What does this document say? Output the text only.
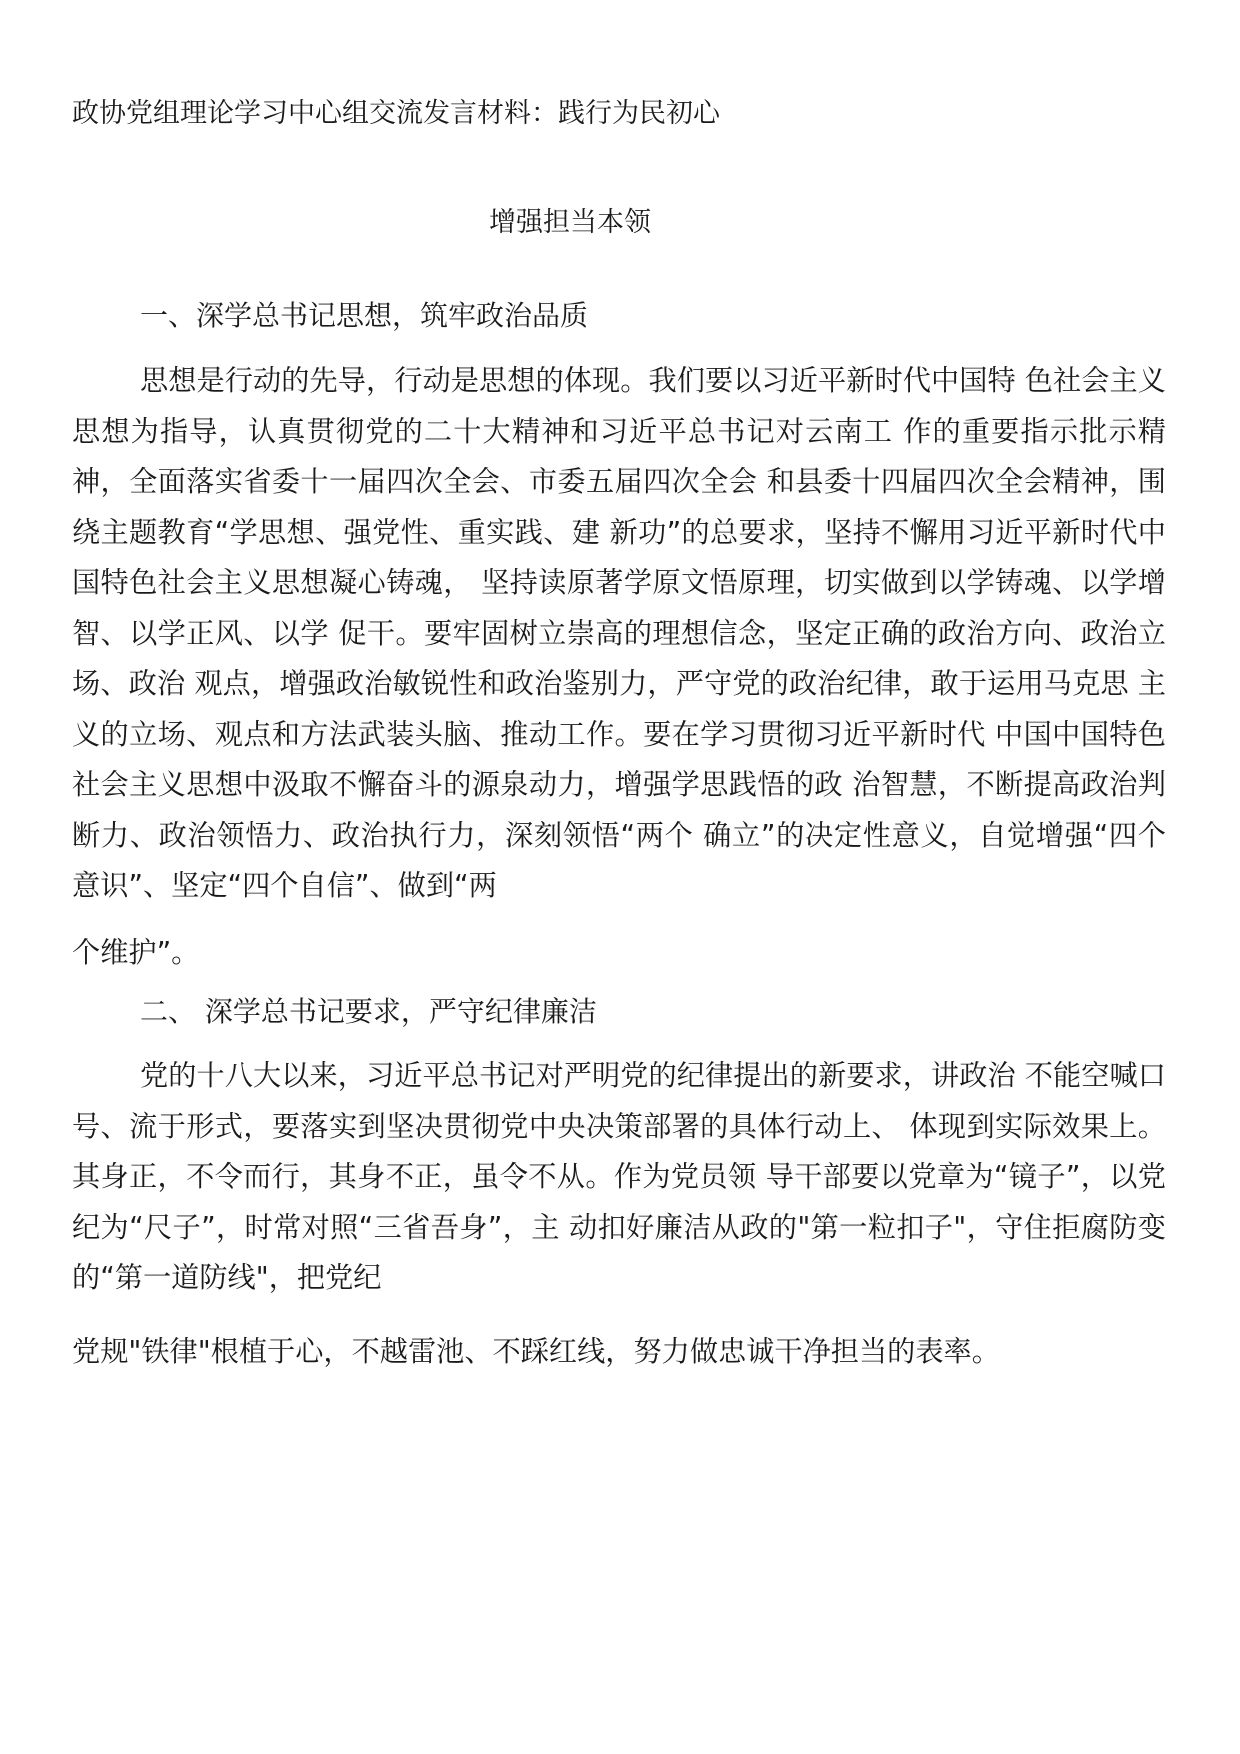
政协党组理论学习中心组交流发言材料：践行为民初心
增强担当本领
一、深学总书记思想，筑牢政治品质

思想是行动的先导，行动是思想的体现。我们要以习近平新时代中国特 色社会主义思想为指导，认真贯彻党的二十大精神和习近平总书记对云南工 作的重要指示批示精神，全面落实省委十一届四次全会、市委五届四次全会 和县委十四届四次全会精神，围绕主题教育“学思想、强党性、重实践、建 新功”的总要求，坚持不懈用习近平新时代中国特色社会主义思想凝心铸魂， 坚持读原著学原文悟原理，切实做到以学铸魂、以学增智、以学正风、以学 促干。要牢固树立崇高的理想信念，坚定正确的政治方向、政治立场、政治 观点，增强政治敏锐性和政治鉴别力，严守党的政治纪律，敢于运用马克思 主义的立场、观点和方法武装头脑、推动工作。要在学习贯彻习近平新时代 中国中国特色社会主义思想中汲取不懈奋斗的源泉动力，增强学思践悟的政 治智慧，不断提高政治判断力、政治领悟力、政治执行力，深刻领悟“两个 确立”的决定性意义，自觉增强“四个意识”、坚定“四个自信”、做到“两

个维护”。

二、 深学总书记要求，严守纪律廉洁

党的十八大以来，习近平总书记对严明党的纪律提出的新要求，讲政治 不能空喊口号、流于形式，要落实到坚决贯彻党中央决策部署的具体行动上、 体现到实际效果上。其身正，不令而行，其身不正，虽令不从。作为党员领 导干部要以党章为“镜子”，以党纪为“尺子”，时常对照“三省吾身”，主 动扣好廉洁从政的"第一粒扣子"，守住拒腐防变的“第一道防线"，把党纪

党规"铁律"根植于心，不越雷池、不踩红线，努力做忠诚干净担当的表率。
